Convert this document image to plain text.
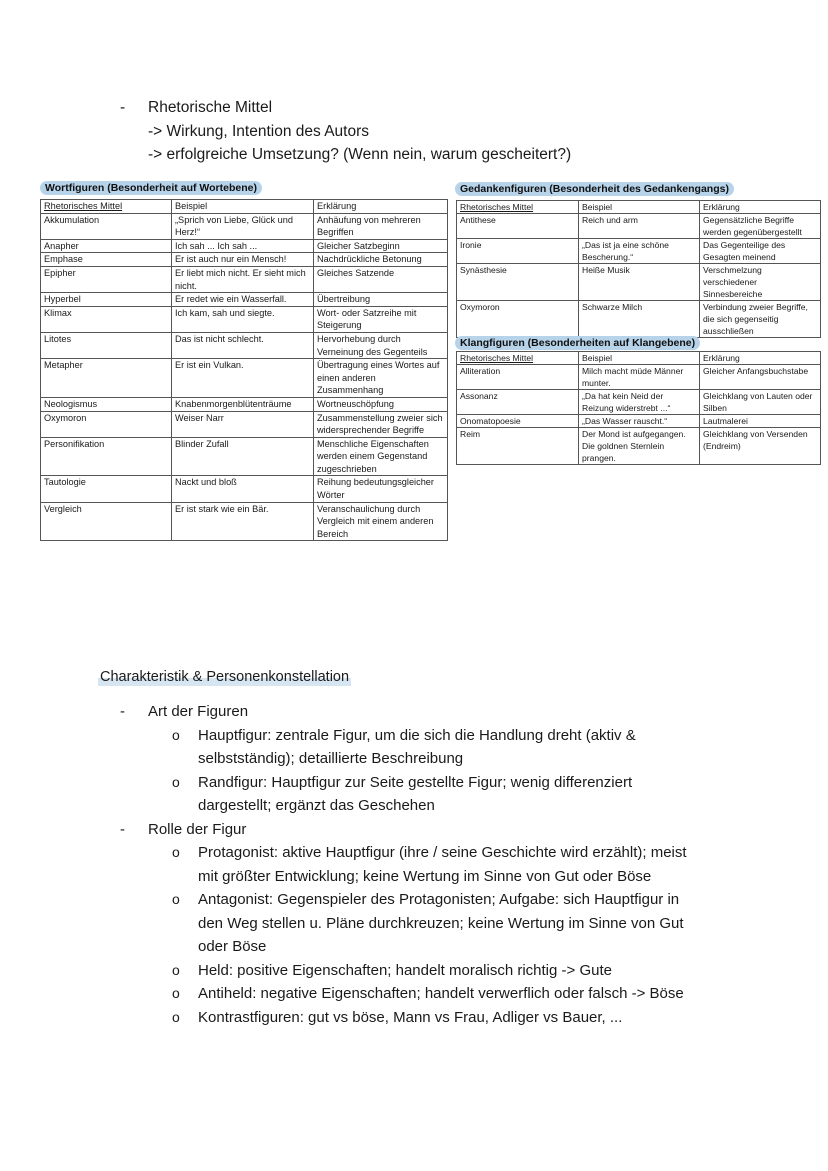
- Rhetorische Mittel
-> Wirkung, Intention des Autors
-> erfolgreiche Umsetzung? (Wenn nein, warum gescheitert?)
Wortfiguren (Besonderheit auf Wortebene)
Rhetorisches Mittel	Beispiel	Erklärung
Akkumulation	„Sprich von Liebe, Glück und Herz!“	Anhäufung von mehreren Begriffen
Anapher	Ich sah ... Ich sah ...	Gleicher Satzbeginn
Emphase	Er ist auch nur ein Mensch!	Nachdrückliche Betonung
Epipher	Er liebt mich nicht. Er sieht mich nicht.	Gleiches Satzende
Hyperbel	Er redet wie ein Wasserfall.	Übertreibung
Klimax	Ich kam, sah und siegte.	Wort- oder Satzreihe mit Steigerung
Litotes	Das ist nicht schlecht.	Hervorhebung durch Verneinung des Gegenteils
Metapher	Er ist ein Vulkan.	Übertragung eines Wortes auf einen anderen Zusammenhang
Neologismus	Knabenmorgenblütenträume	Wortneuschöpfung
Oxymoron	Weiser Narr	Zusammenstellung zweier sich widersprechender Begriffe
Personifikation	Blinder Zufall	Menschliche Eigenschaften werden einem Gegenstand zugeschrieben
Tautologie	Nackt und bloß	Reihung bedeutungsgleicher Wörter
Vergleich	Er ist stark wie ein Bär.	Veranschaulichung durch Vergleich mit einem anderen Bereich
Gedankenfiguren (Besonderheit des Gedankengangs)
Rhetorisches Mittel	Beispiel	Erklärung
Antithese	Reich und arm	Gegensätzliche Begriffe werden gegenübergestellt
Ironie	„Das ist ja eine schöne Bescherung.“	Das Gegenteilige des Gesagten meinend
Synästhesie	Heiße Musik	Verschmelzung verschiedener Sinnesbereiche
Oxymoron	Schwarze Milch	Verbindung zweier Begriffe, die sich gegenseitig ausschließen
Klangfiguren (Besonderheiten auf Klangebene)
Rhetorisches Mittel	Beispiel	Erklärung
Alliteration	Milch macht müde Männer munter.	Gleicher Anfangsbuchstabe
Assonanz	„Da hat kein Neid der Reizung widerstrebt ...“	Gleichklang von Lauten oder Silben
Onomatopoesie	„Das Wasser rauscht.“	Lautmalerei
Reim	Der Mond ist aufgegangen. Die goldnen Sternlein prangen.	Gleichklang von Versenden (Endreim)
Charakteristik & Personenkonstellation
- Art der Figuren
o Hauptfigur: zentrale Figur, um die sich die Handlung dreht (aktiv &
selbstständig); detaillierte Beschreibung
o Randfigur: Hauptfigur zur Seite gestellte Figur; wenig differenziert
dargestellt; ergänzt das Geschehen
- Rolle der Figur
o Protagonist: aktive Hauptfigur (ihre / seine Geschichte wird erzählt); meist
mit größter Entwicklung; keine Wertung im Sinne von Gut oder Böse
o Antagonist: Gegenspieler des Protagonisten; Aufgabe: sich Hauptfigur in
den Weg stellen u. Pläne durchkreuzen; keine Wertung im Sinne von Gut
oder Böse
o Held: positive Eigenschaften; handelt moralisch richtig -> Gute
o Antiheld: negative Eigenschaften; handelt verwerflich oder falsch -> Böse
o Kontrastfiguren: gut vs böse, Mann vs Frau, Adliger vs Bauer, ...
